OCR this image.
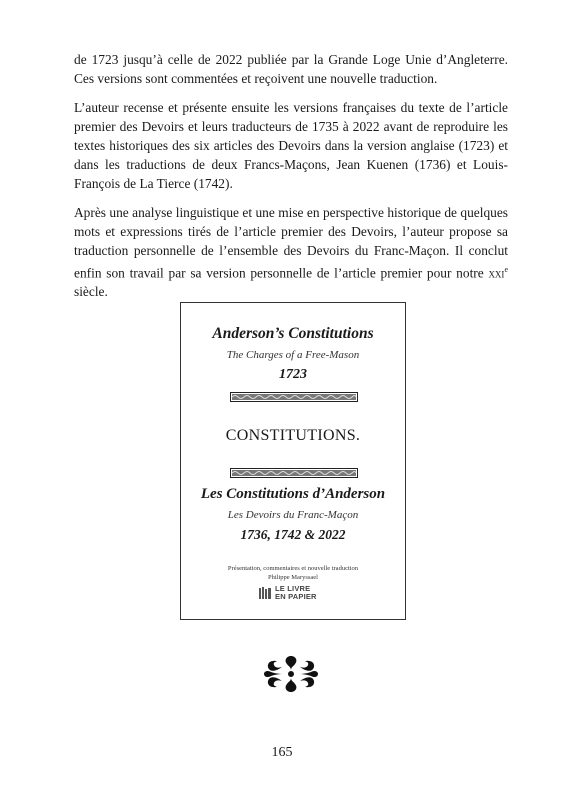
de 1723 jusqu’à celle de 2022 publiée par la Grande Loge Unie d’Angleterre. Ces versions sont commentées et reçoivent une nouvelle traduction.

L’auteur recense et présente ensuite les versions françaises du texte de l’article premier des Devoirs et leurs traducteurs de 1735 à 2022 avant de reproduire les textes historiques des six articles des Devoirs dans la version anglaise (1723) et dans les traductions de deux Francs-Maçons, Jean Kuenen (1736) et Louis-François de La Tierce (1742).

Après une analyse linguistique et une mise en perspective historique de quelques mots et expressions tirés de l’article premier des Devoirs, l’auteur propose sa traduction personnelle de l’ensemble des Devoirs du Franc-Maçon. Il conclut enfin son travail par sa version personnelle de l’article premier pour notre xxi$^e$ siècle.

Anderson’s Constitutions
The Charges of a Free-Mason
1723
CONSTITUTIONS.
Les Constitutions d’Anderson
Les Devoirs du Franc-Maçon
1736, 1742 & 2022
Présentation, commentaires et nouvelle traduction
Philippe Maryssael
LE LIVRE
EN PAPIER
165
